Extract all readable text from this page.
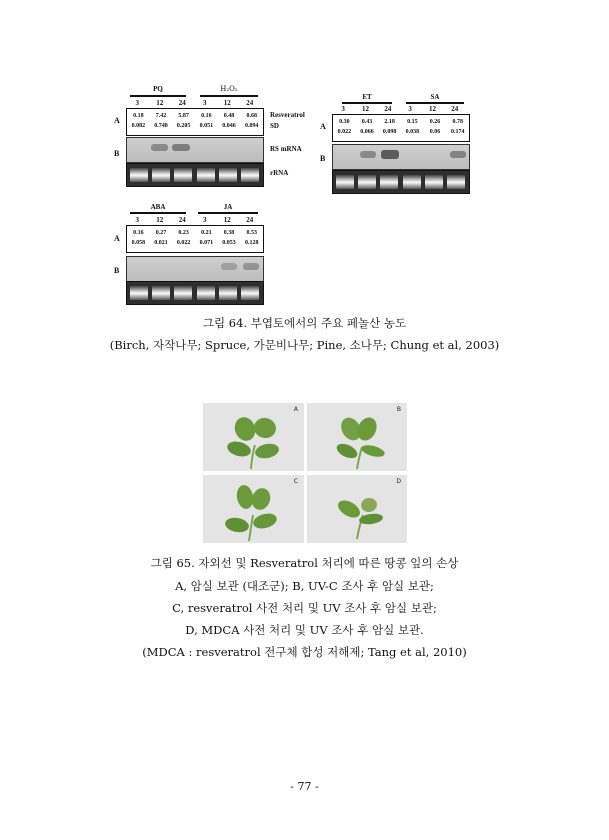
PQ	H₂O₂
3	12	24	3	12	24
A	0.18	7.42	5.87	0.16	0.48	0.68
0.082	0.748	0.205	0.051	0.046	0.094
Resveratrol
SD
B	RS mRNA
rRNA
ET	SA
3	12	24	3	12	24
A	0.30	0.43	2.18	0.15	0.26	0.78
0.022	0.066	0.098	0.038	0.06	0.174
B
ABA	JA
3	12	24	3	12	24
A
0.16	0.27	0.23	0.21	0.38	0.53
0.058	0.021	0.022	0.071	0.053	0.128
B
그림 64. 부엽토에서의 주요 페놀산 농도
(Birch, 자작나무; Spruce, 가문비나무; Pine, 소나무; Chung et al, 2003)
A	B
C	D
그림 65. 자외선 및 Resveratrol 처리에 따른 땅콩 잎의 손상
A, 암실 보관 (대조군); B, UV-C 조사 후 암실 보관;
C, resveratrol 사전 처리 및 UV 조사 후 암실 보관;
D, MDCA 사전 처리 및 UV 조사 후 암실 보관.
(MDCA : resveratrol 전구체 합성 저해제; Tang et al, 2010)
- 77 -
